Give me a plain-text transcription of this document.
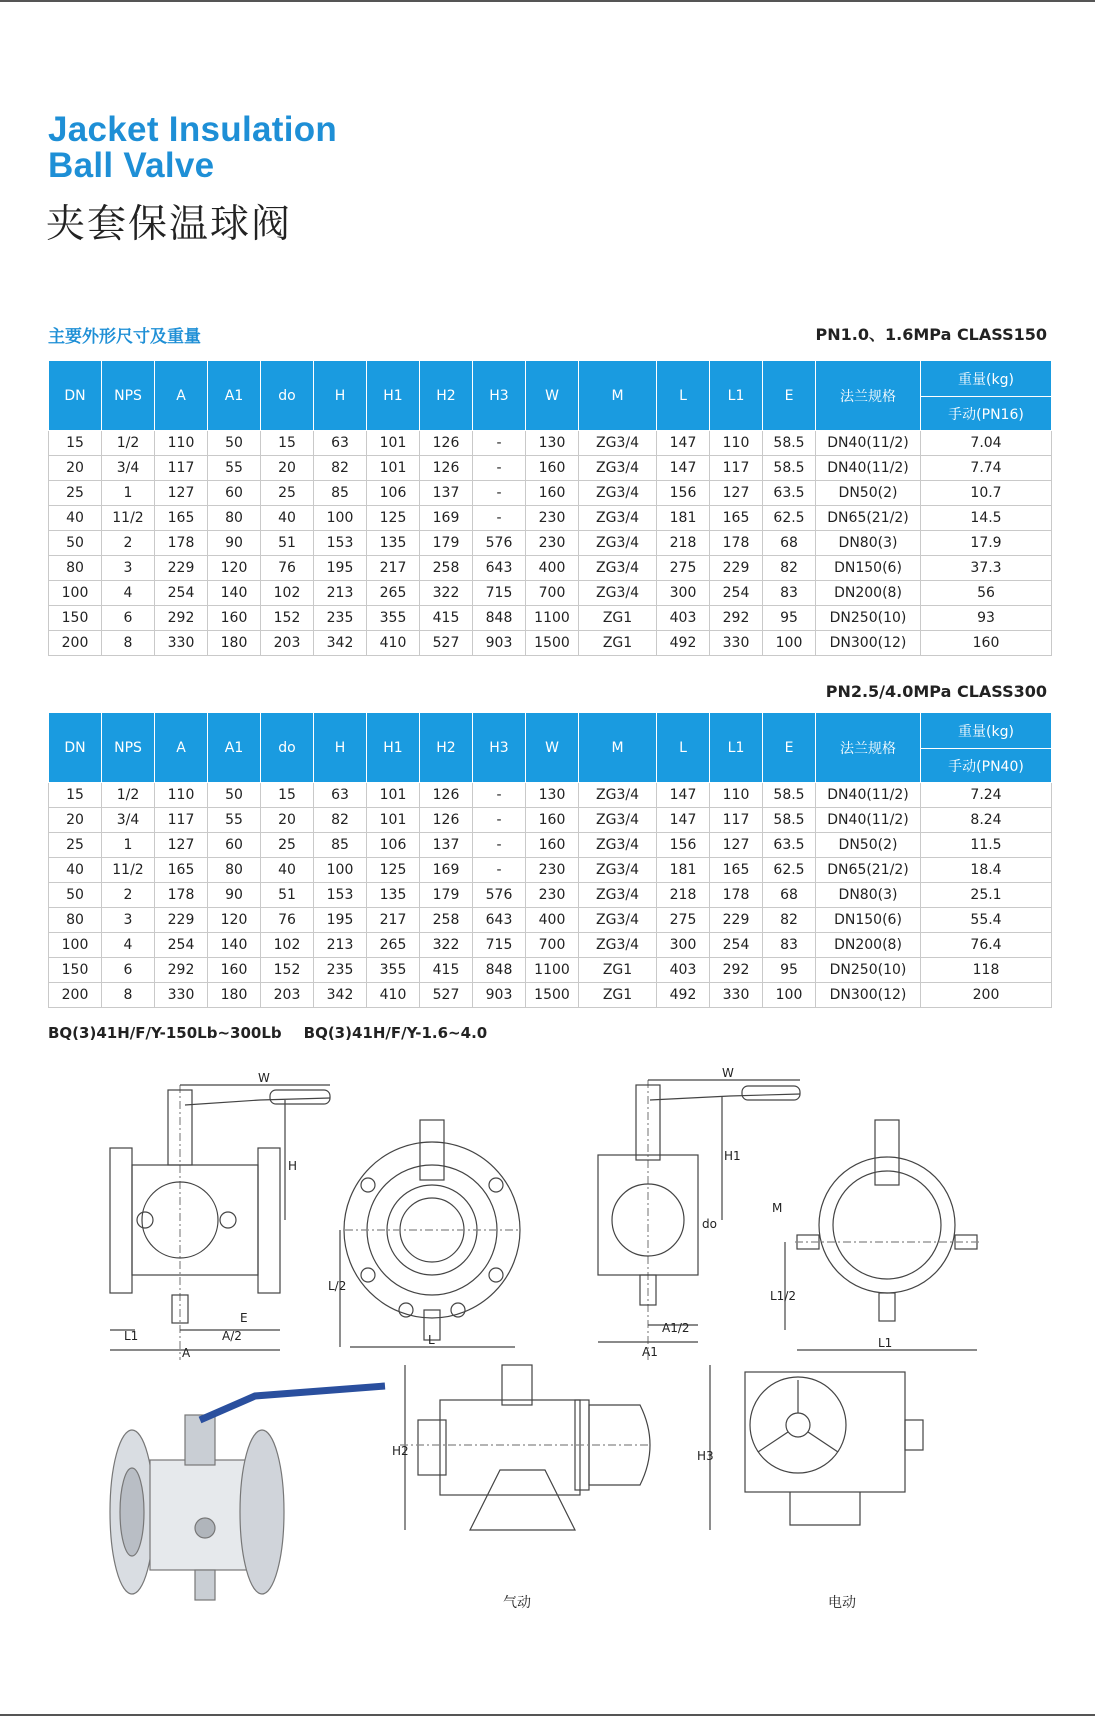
Jacket Insulation
Ball Valve
夹套保温球阀
主要外形尺寸及重量	PN1.0、1.6MPa CLASS150
DN	NPS	A	A1	do	H	H1	H2	H3	W	M	L	L1	E	法兰规格	重量(kg)
															手动(PN16)
15	1/2	110	50	15	63	101	126	-	130	ZG3/4	147	110	58.5	DN40(11/2)	7.04
20	3/4	117	55	20	82	101	126	-	160	ZG3/4	147	117	58.5	DN40(11/2)	7.74
25	1	127	60	25	85	106	137	-	160	ZG3/4	156	127	63.5	DN50(2)	10.7
40	11/2	165	80	40	100	125	169	-	230	ZG3/4	181	165	62.5	DN65(21/2)	14.5
50	2	178	90	51	153	135	179	576	230	ZG3/4	218	178	68	DN80(3)	17.9
80	3	229	120	76	195	217	258	643	400	ZG3/4	275	229	82	DN150(6)	37.3
100	4	254	140	102	213	265	322	715	700	ZG3/4	300	254	83	DN200(8)	56
150	6	292	160	152	235	355	415	848	1100	ZG1	403	292	95	DN250(10)	93
200	8	330	180	203	342	410	527	903	1500	ZG1	492	330	100	DN300(12)	160
PN2.5/4.0MPa CLASS300
DN	NPS	A	A1	do	H	H1	H2	H3	W	M	L	L1	E	法兰规格	重量(kg)
															手动(PN40)
15	1/2	110	50	15	63	101	126	-	130	ZG3/4	147	110	58.5	DN40(11/2)	7.24
20	3/4	117	55	20	82	101	126	-	160	ZG3/4	147	117	58.5	DN40(11/2)	8.24
25	1	127	60	25	85	106	137	-	160	ZG3/4	156	127	63.5	DN50(2)	11.5
40	11/2	165	80	40	100	125	169	-	230	ZG3/4	181	165	62.5	DN65(21/2)	18.4
50	2	178	90	51	153	135	179	576	230	ZG3/4	218	178	68	DN80(3)	25.1
80	3	229	120	76	195	217	258	643	400	ZG3/4	275	229	82	DN150(6)	55.4
100	4	254	140	102	213	265	322	715	700	ZG3/4	300	254	83	DN200(8)	76.4
150	6	292	160	152	235	355	415	848	1100	ZG1	403	292	95	DN250(10)	118
200	8	330	180	203	342	410	527	903	1500	ZG1	492	330	100	DN300(12)	200
BQ(3)41H/F/Y-150Lb~300Lb BQ(3)41H/F/Y-1.6~4.0
W
H
L1	A/2
E
A
L/2
L
W
H1
do
A1/2
A1
M
L1/2
L1
H2	H3
气动	电动
